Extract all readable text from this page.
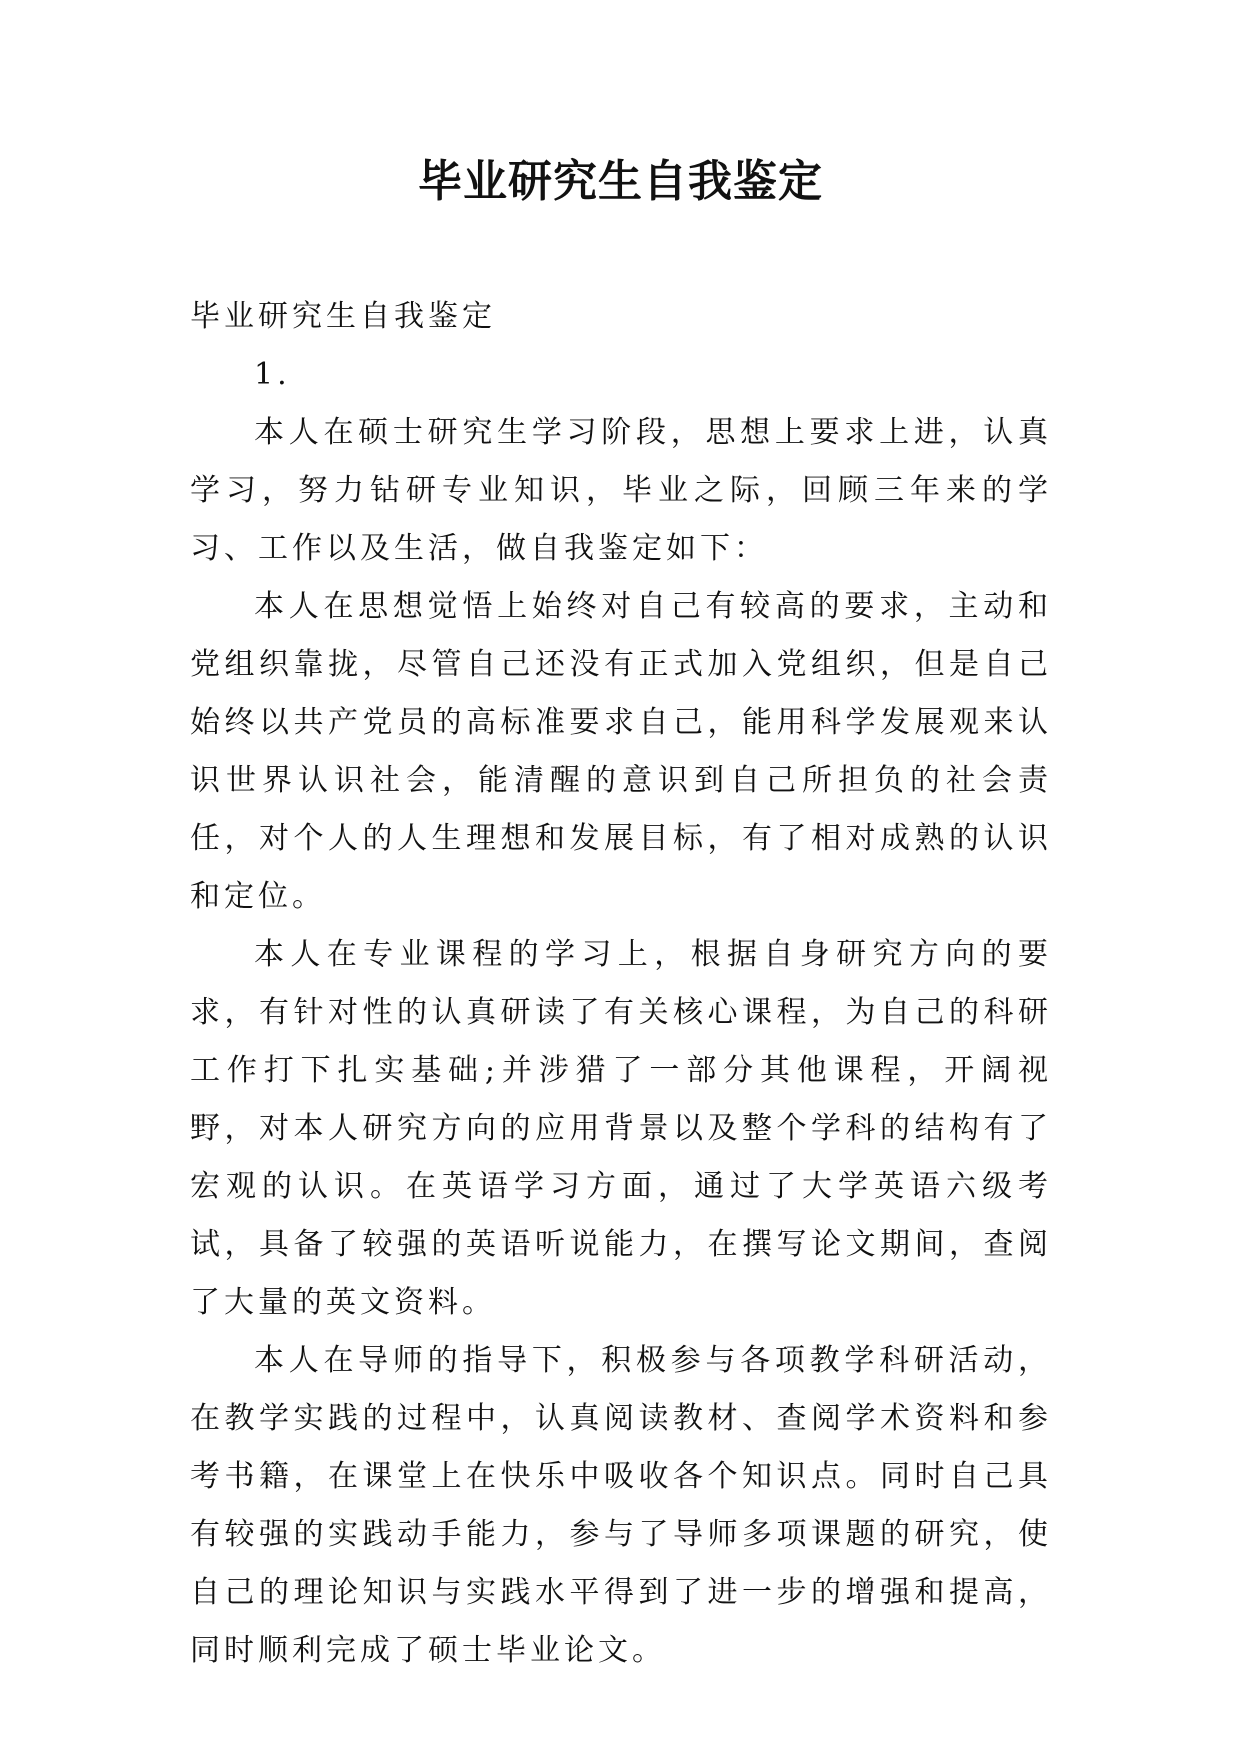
毕业研究生自我鉴定

毕业研究生自我鉴定

1.

本人在硕士研究生学习阶段，思想上要求上进，认真学习，努力钻研专业知识，毕业之际，回顾三年来的学习、工作以及生活，做自我鉴定如下：

本人在思想觉悟上始终对自己有较高的要求，主动和党组织靠拢，尽管自己还没有正式加入党组织，但是自己始终以共产党员的高标准要求自己，能用科学发展观来认识世界认识社会，能清醒的意识到自己所担负的社会责任，对个人的人生理想和发展目标，有了相对成熟的认识和定位。

本人在专业课程的学习上，根据自身研究方向的要求，有针对性的认真研读了有关核心课程，为自己的科研工作打下扎实基础;并涉猎了一部分其他课程，开阔视野，对本人研究方向的应用背景以及整个学科的结构有了宏观的认识。在英语学习方面，通过了大学英语六级考试，具备了较强的英语听说能力，在撰写论文期间，查阅了大量的英文资料。

本人在导师的指导下，积极参与各项教学科研活动，在教学实践的过程中，认真阅读教材、查阅学术资料和参考书籍，在课堂上在快乐中吸收各个知识点。同时自己具有较强的实践动手能力，参与了导师多项课题的研究，使自己的理论知识与实践水平得到了进一步的增强和提高，同时顺利完成了硕士毕业论文。
